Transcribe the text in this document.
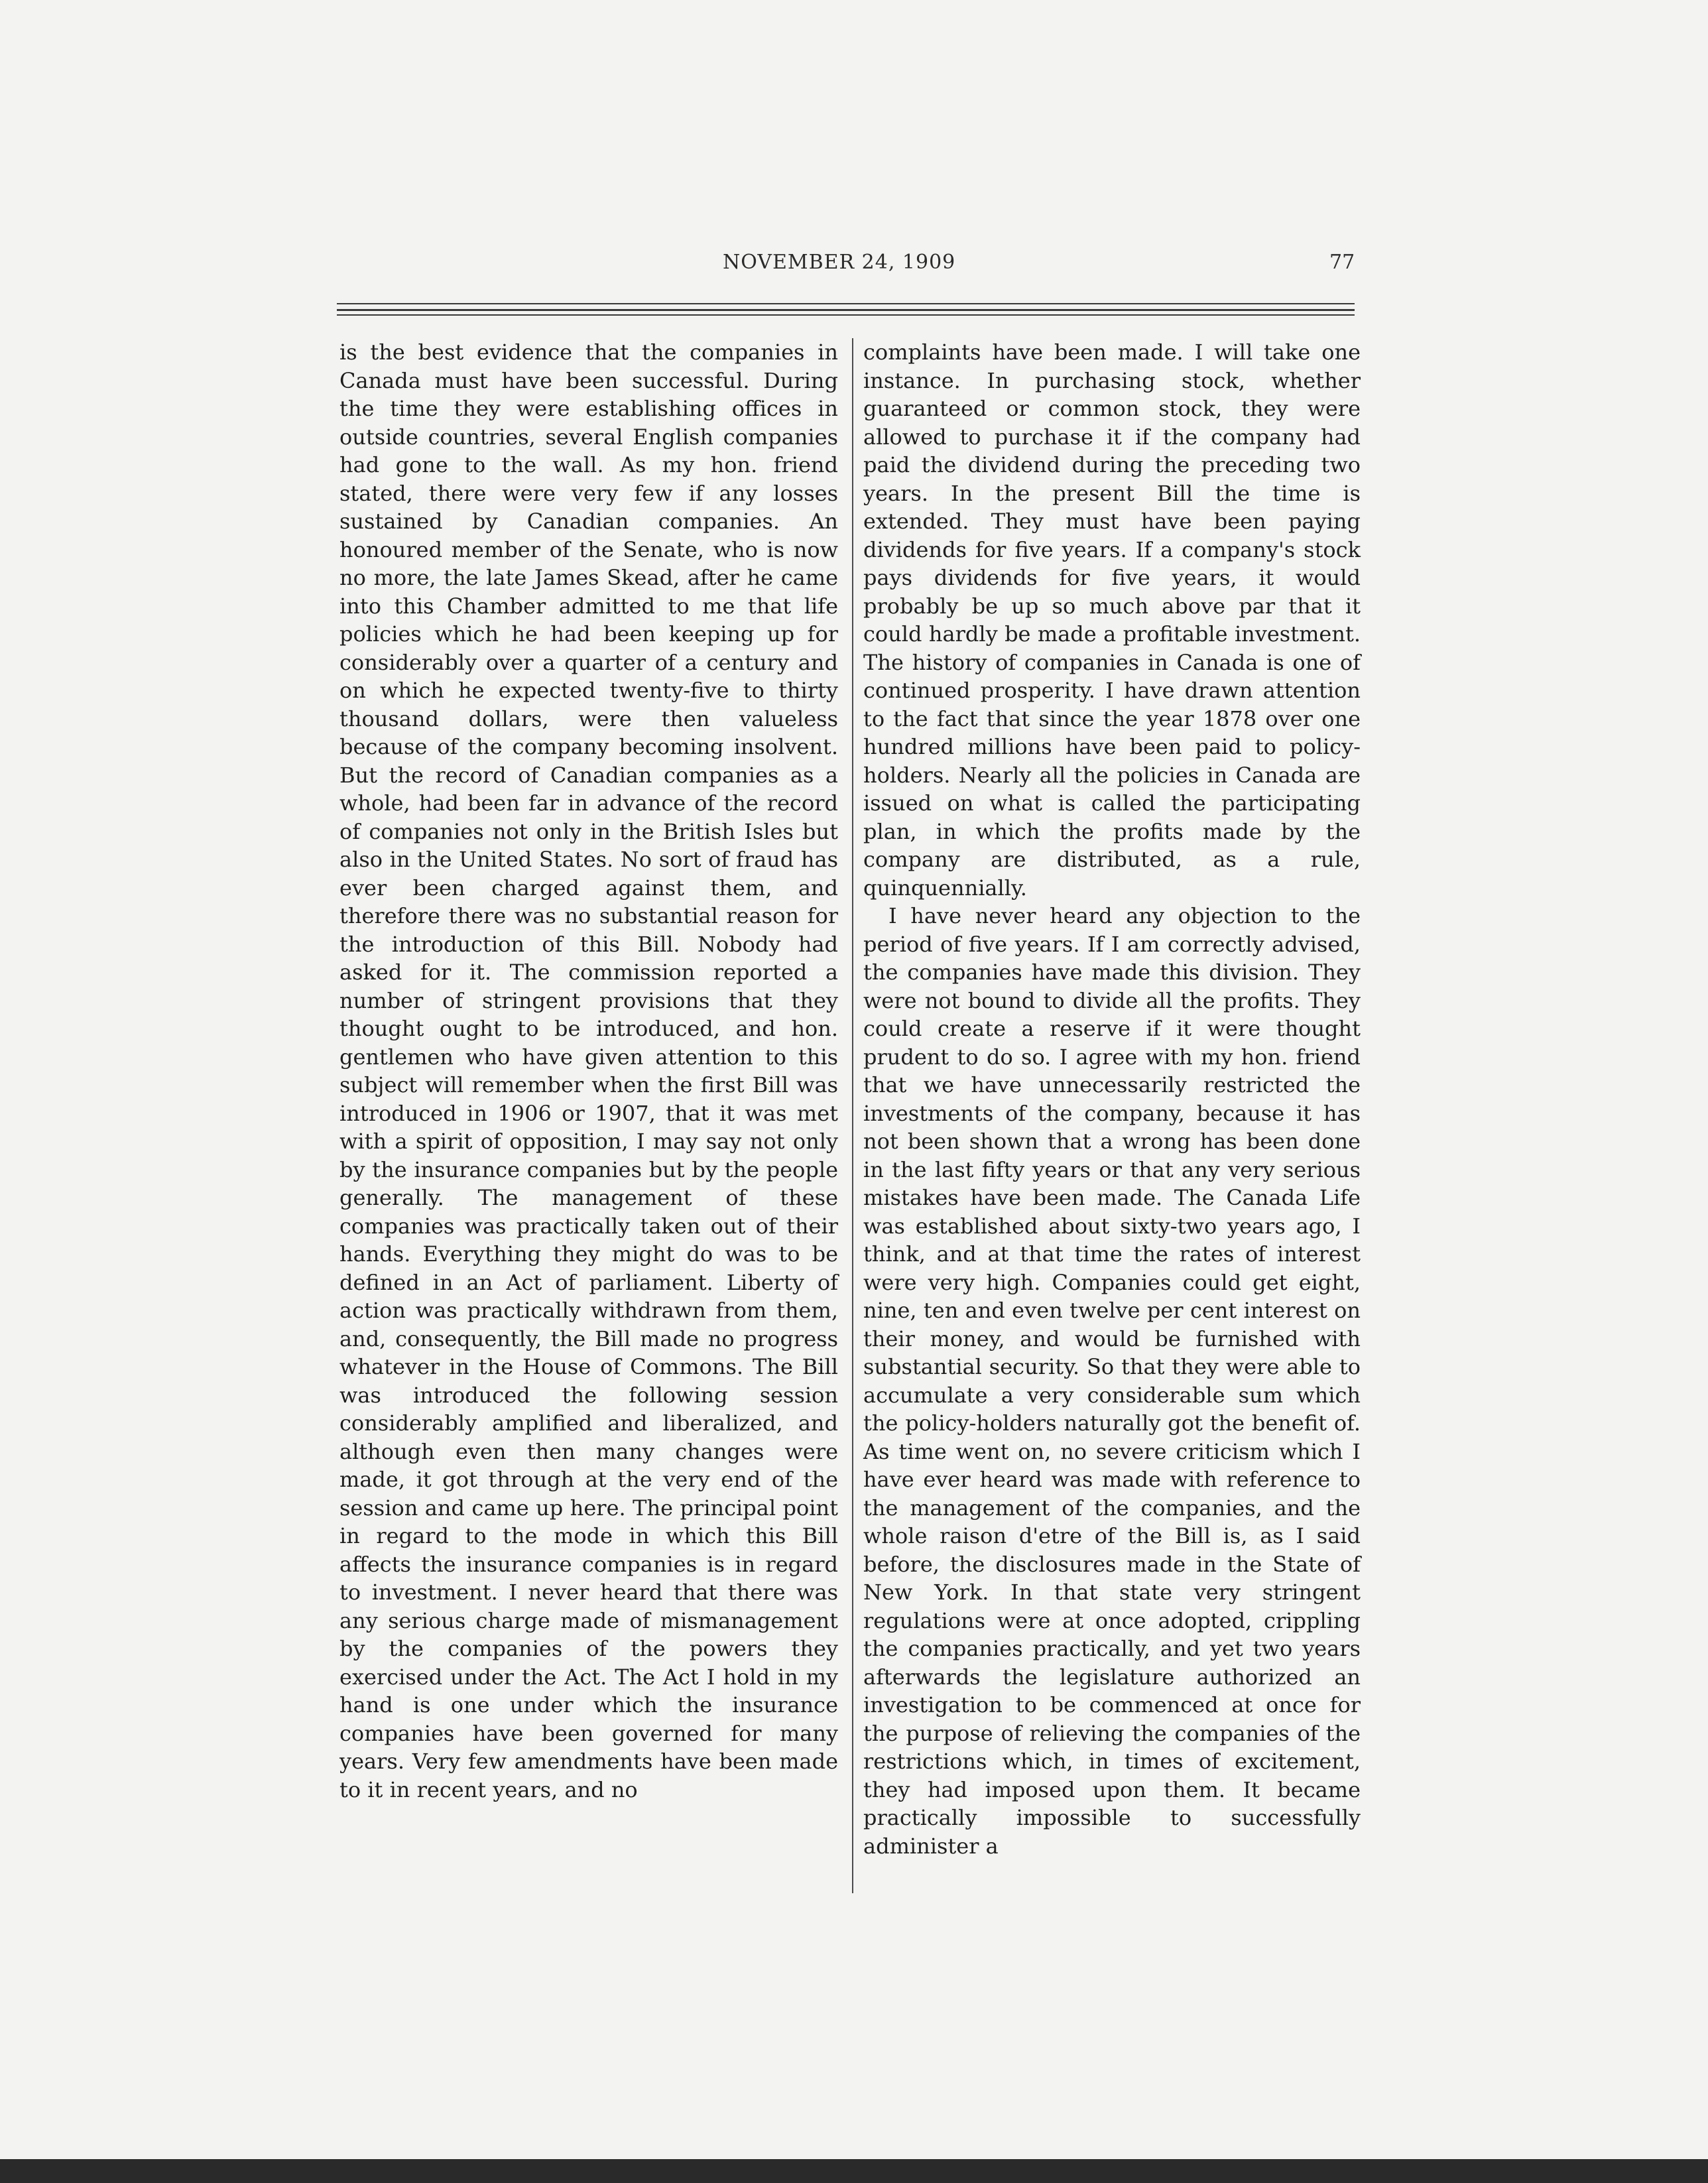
NOVEMBER 24, 1909	77

is the best evidence that the companies in Canada must have been successful. During the time they were establishing offices in outside countries, several English companies had gone to the wall. As my hon. friend stated, there were very few if any losses sustained by Canadian companies. An honoured member of the Senate, who is now no more, the late James Skead, after he came into this Chamber admitted to me that life policies which he had been keeping up for considerably over a quarter of a century and on which he expected twenty-five to thirty thousand dollars, were then valueless because of the company becoming insolvent. But the record of Canadian companies as a whole, had been far in advance of the record of companies not only in the British Isles but also in the United States. No sort of fraud has ever been charged against them, and therefore there was no substantial reason for the introduction of this Bill. Nobody had asked for it. The commission reported a number of stringent provisions that they thought ought to be introduced, and hon. gentlemen who have given attention to this subject will remember when the first Bill was introduced in 1906 or 1907, that it was met with a spirit of opposition, I may say not only by the insurance companies but by the people generally. The management of these companies was practically taken out of their hands. Everything they might do was to be defined in an Act of parliament. Liberty of action was practically withdrawn from them, and, consequently, the Bill made no progress whatever in the House of Commons. The Bill was introduced the following session considerably amplified and liberalized, and although even then many changes were made, it got through at the very end of the session and came up here. The principal point in regard to the mode in which this Bill affects the insurance companies is in regard to investment. I never heard that there was any serious charge made of mismanagement by the companies of the powers they exercised under the Act. The Act I hold in my hand is one under which the insurance companies have been governed for many years. Very few amendments have been made to it in recent years, and no

complaints have been made. I will take one instance. In purchasing stock, whether guaranteed or common stock, they were allowed to purchase it if the company had paid the dividend during the preceding two years. In the present Bill the time is extended. They must have been paying dividends for five years. If a company's stock pays dividends for five years, it would probably be up so much above par that it could hardly be made a profitable investment. The history of companies in Canada is one of continued prosperity. I have drawn attention to the fact that since the year 1878 over one hundred millions have been paid to policy-holders. Nearly all the policies in Canada are issued on what is called the participating plan, in which the profits made by the company are distributed, as a rule, quinquennially.

I have never heard any objection to the period of five years. If I am correctly advised, the companies have made this division. They were not bound to divide all the profits. They could create a reserve if it were thought prudent to do so. I agree with my hon. friend that we have unnecessarily restricted the investments of the company, because it has not been shown that a wrong has been done in the last fifty years or that any very serious mistakes have been made. The Canada Life was established about sixty-two years ago, I think, and at that time the rates of interest were very high. Companies could get eight, nine, ten and even twelve per cent interest on their money, and would be furnished with substantial security. So that they were able to accumulate a very considerable sum which the policy-holders naturally got the benefit of. As time went on, no severe criticism which I have ever heard was made with reference to the management of the companies, and the whole raison d'etre of the Bill is, as I said before, the disclosures made in the State of New York. In that state very stringent regulations were at once adopted, crippling the companies practically, and yet two years afterwards the legislature authorized an investigation to be commenced at once for the purpose of relieving the companies of the restrictions which, in times of excitement, they had imposed upon them. It became practically impossible to successfully administer a
